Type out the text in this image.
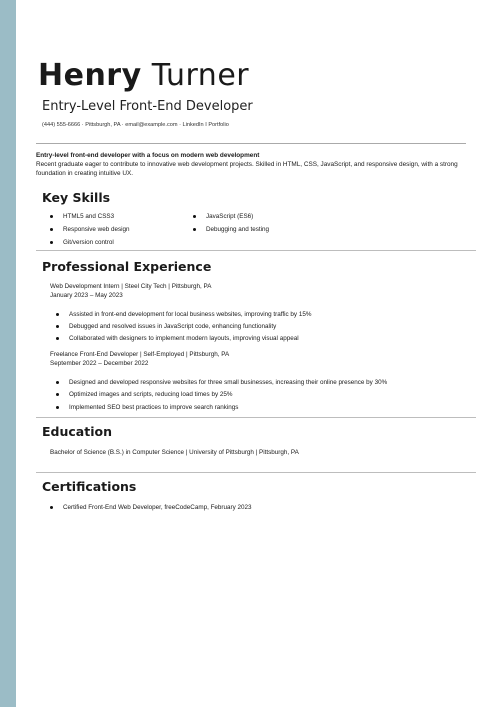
Henry Turner
Entry-Level Front-End Developer
(444) 555-6666 · Pittsburgh, PA · email@example.com · LinkedIn I Portfolio
Entry-level front-end developer with a focus on modern web development
Recent graduate eager to contribute to innovative web development projects. Skilled in HTML, CSS, JavaScript, and responsive design, with a strong foundation in creating intuitive UX.
Key Skills
HTML5 and CSS3	JavaScript (ES6)
Responsive web design	Debugging and testing
Git/version control
Professional Experience
Web Development Intern | Steel City Tech | Pittsburgh, PA
January 2023 – May 2023
Assisted in front-end development for local business websites, improving traffic by 15%
Debugged and resolved issues in JavaScript code, enhancing functionality
Collaborated with designers to implement modern layouts, improving visual appeal
Freelance Front-End Developer | Self-Employed | Pittsburgh, PA
September 2022 – December 2022
Designed and developed responsive websites for three small businesses, increasing their online presence by 30%
Optimized images and scripts, reducing load times by 25%
Implemented SEO best practices to improve search rankings
Education
Bachelor of Science (B.S.) in Computer Science | University of Pittsburgh | Pittsburgh, PA
Certifications
Certified Front-End Web Developer, freeCodeCamp, February 2023
